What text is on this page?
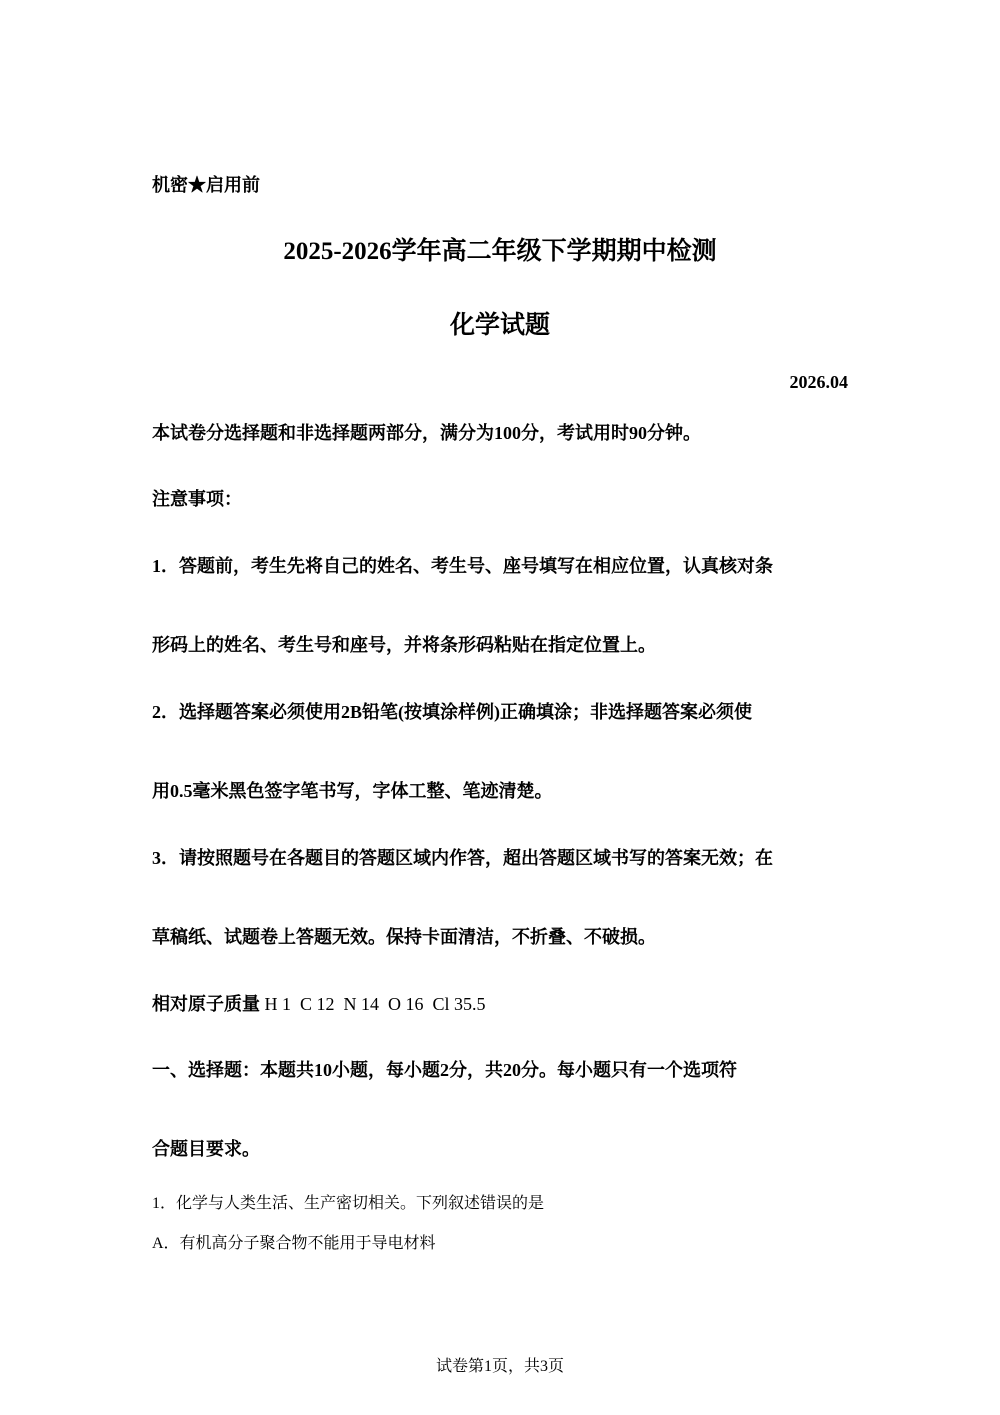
机密★启用前
2025-2026学年高二年级下学期期中检测
化学试题
2026.04
本试卷分选择题和非选择题两部分，满分为100分，考试用时90分钟。
注意事项：
1．答题前，考生先将自己的姓名、考生号、座号填写在相应位置，认真核对条
形码上的姓名、考生号和座号，并将条形码粘贴在指定位置上。
2．选择题答案必须使用2B铅笔(按填涂样例)正确填涂；非选择题答案必须使
用0.5毫米黑色签字笔书写，字体工整、笔迹清楚。
3．请按照题号在各题目的答题区域内作答，超出答题区域书写的答案无效；在
草稿纸、试题卷上答题无效。保持卡面清洁，不折叠、不破损。
相对原子质量 H 1  C 12  N 14  O 16  Cl 35.5
一、选择题：本题共10小题，每小题2分，共20分。每小题只有一个选项符
合题目要求。
1．化学与人类生活、生产密切相关。下列叙述错误的是
A．有机高分子聚合物不能用于导电材料
试卷第1页，共3页
